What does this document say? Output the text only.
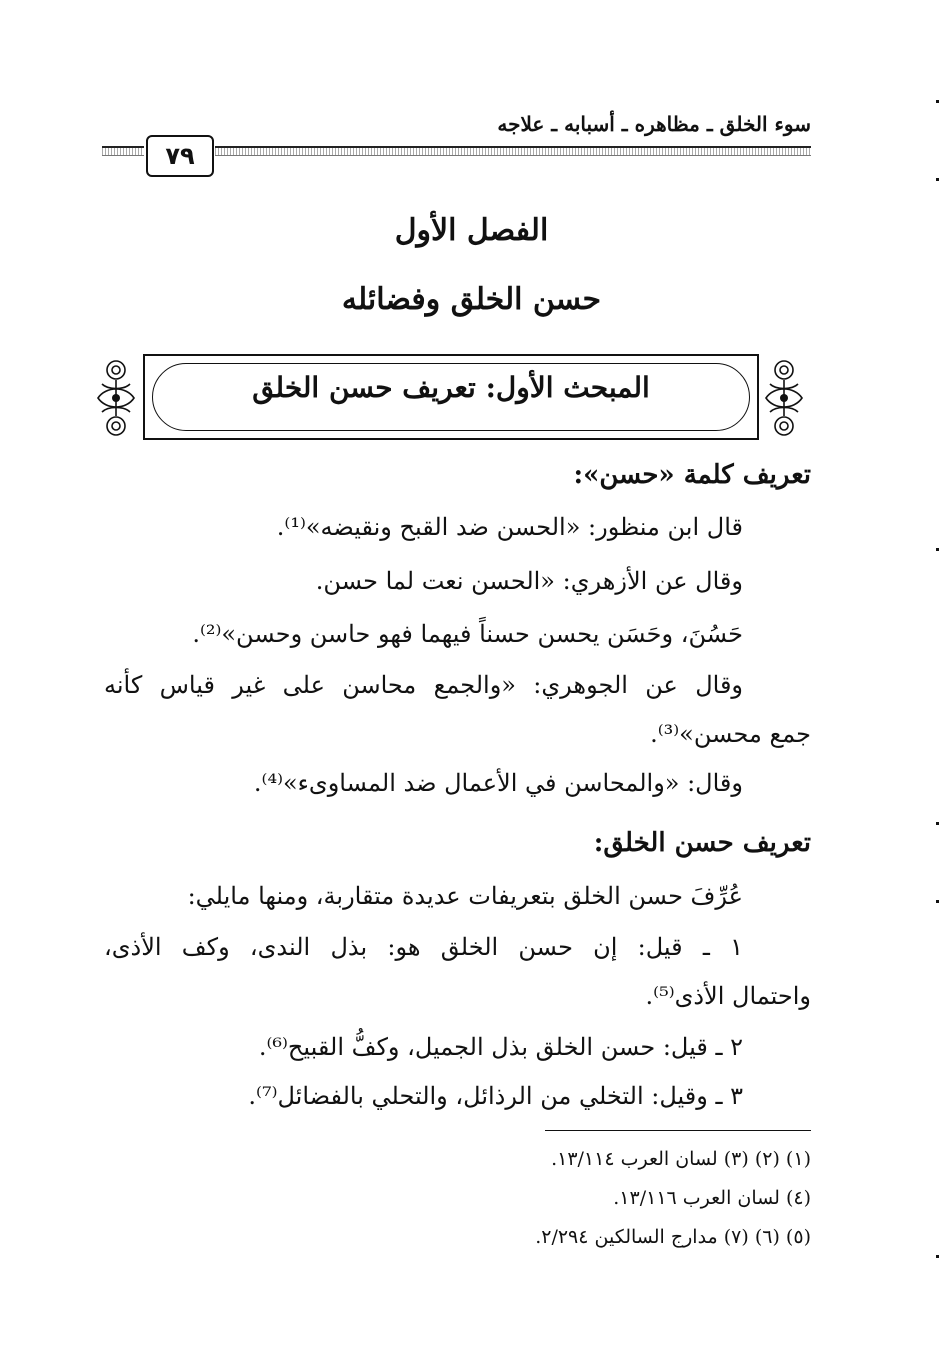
سوء الخلق ـ مظاهره ـ أسبابه ـ علاجه
٧٩
الفصل الأول
حسن الخلق وفضائله
المبحث الأول: تعريف حسن الخلق
تعريف كلمة «حسن»:
قال ابن منظور: «الحسن ضد القبح ونقيضه»⁽¹⁾.
وقال عن الأزهري: «الحسن نعت لما حسن.
حَسُنَ، وحَسَن يحسن حسناً فيهما فهو حاسن وحسن»⁽²⁾.
وقال عن الجوهري: «والجمع محاسن على غير قياس كأنه
جمع محسن»⁽³⁾.
وقال: «والمحاسن في الأعمال ضد المساوىء»⁽⁴⁾.
تعريف حسن الخلق:
عُرِّفَ حسن الخلق بتعريفات عديدة متقاربة، ومنها مايلي:
١ ـ قيل: إن حسن الخلق هو: بذل الندى، وكف الأذى،
واحتمال الأذى⁽⁵⁾.
٢ ـ قيل: حسن الخلق بذل الجميل، وكفُّ القبيح⁽⁶⁾.
٣ ـ وقيل: التخلي من الرذائل، والتحلي بالفضائل⁽⁷⁾.
(١) (٢) (٣) لسان العرب ١٣/١١٤.
(٤) لسان العرب ١٣/١١٦.
(٥) (٦) (٧) مدارج السالكين ٢/٢٩٤.
